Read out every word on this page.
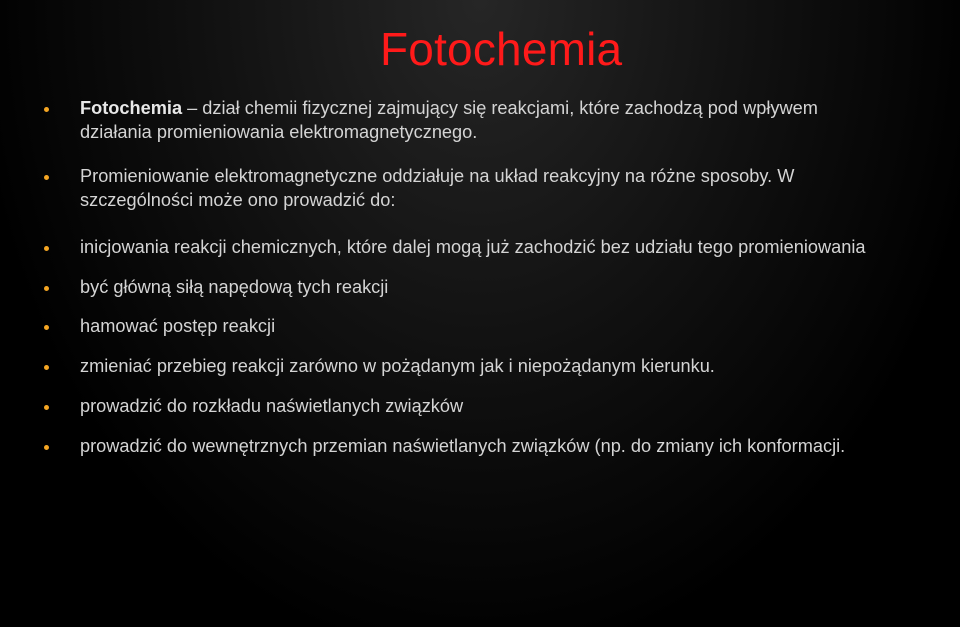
Fotochemia
Fotochemia – dział chemii fizycznej zajmujący się reakcjami, które zachodzą pod wpływem
działania promieniowania elektromagnetycznego.
Promieniowanie elektromagnetyczne oddziałuje na układ reakcyjny na różne sposoby. W
szczególności może ono prowadzić do:
inicjowania reakcji chemicznych, które dalej mogą już zachodzić bez udziału tego promieniowania
być główną siłą napędową tych reakcji
hamować postęp reakcji
zmieniać przebieg reakcji zarówno w pożądanym jak i niepożądanym kierunku.
prowadzić do rozkładu naświetlanych związków
prowadzić do wewnętrznych przemian naświetlanych związków (np. do zmiany ich konformacji.
